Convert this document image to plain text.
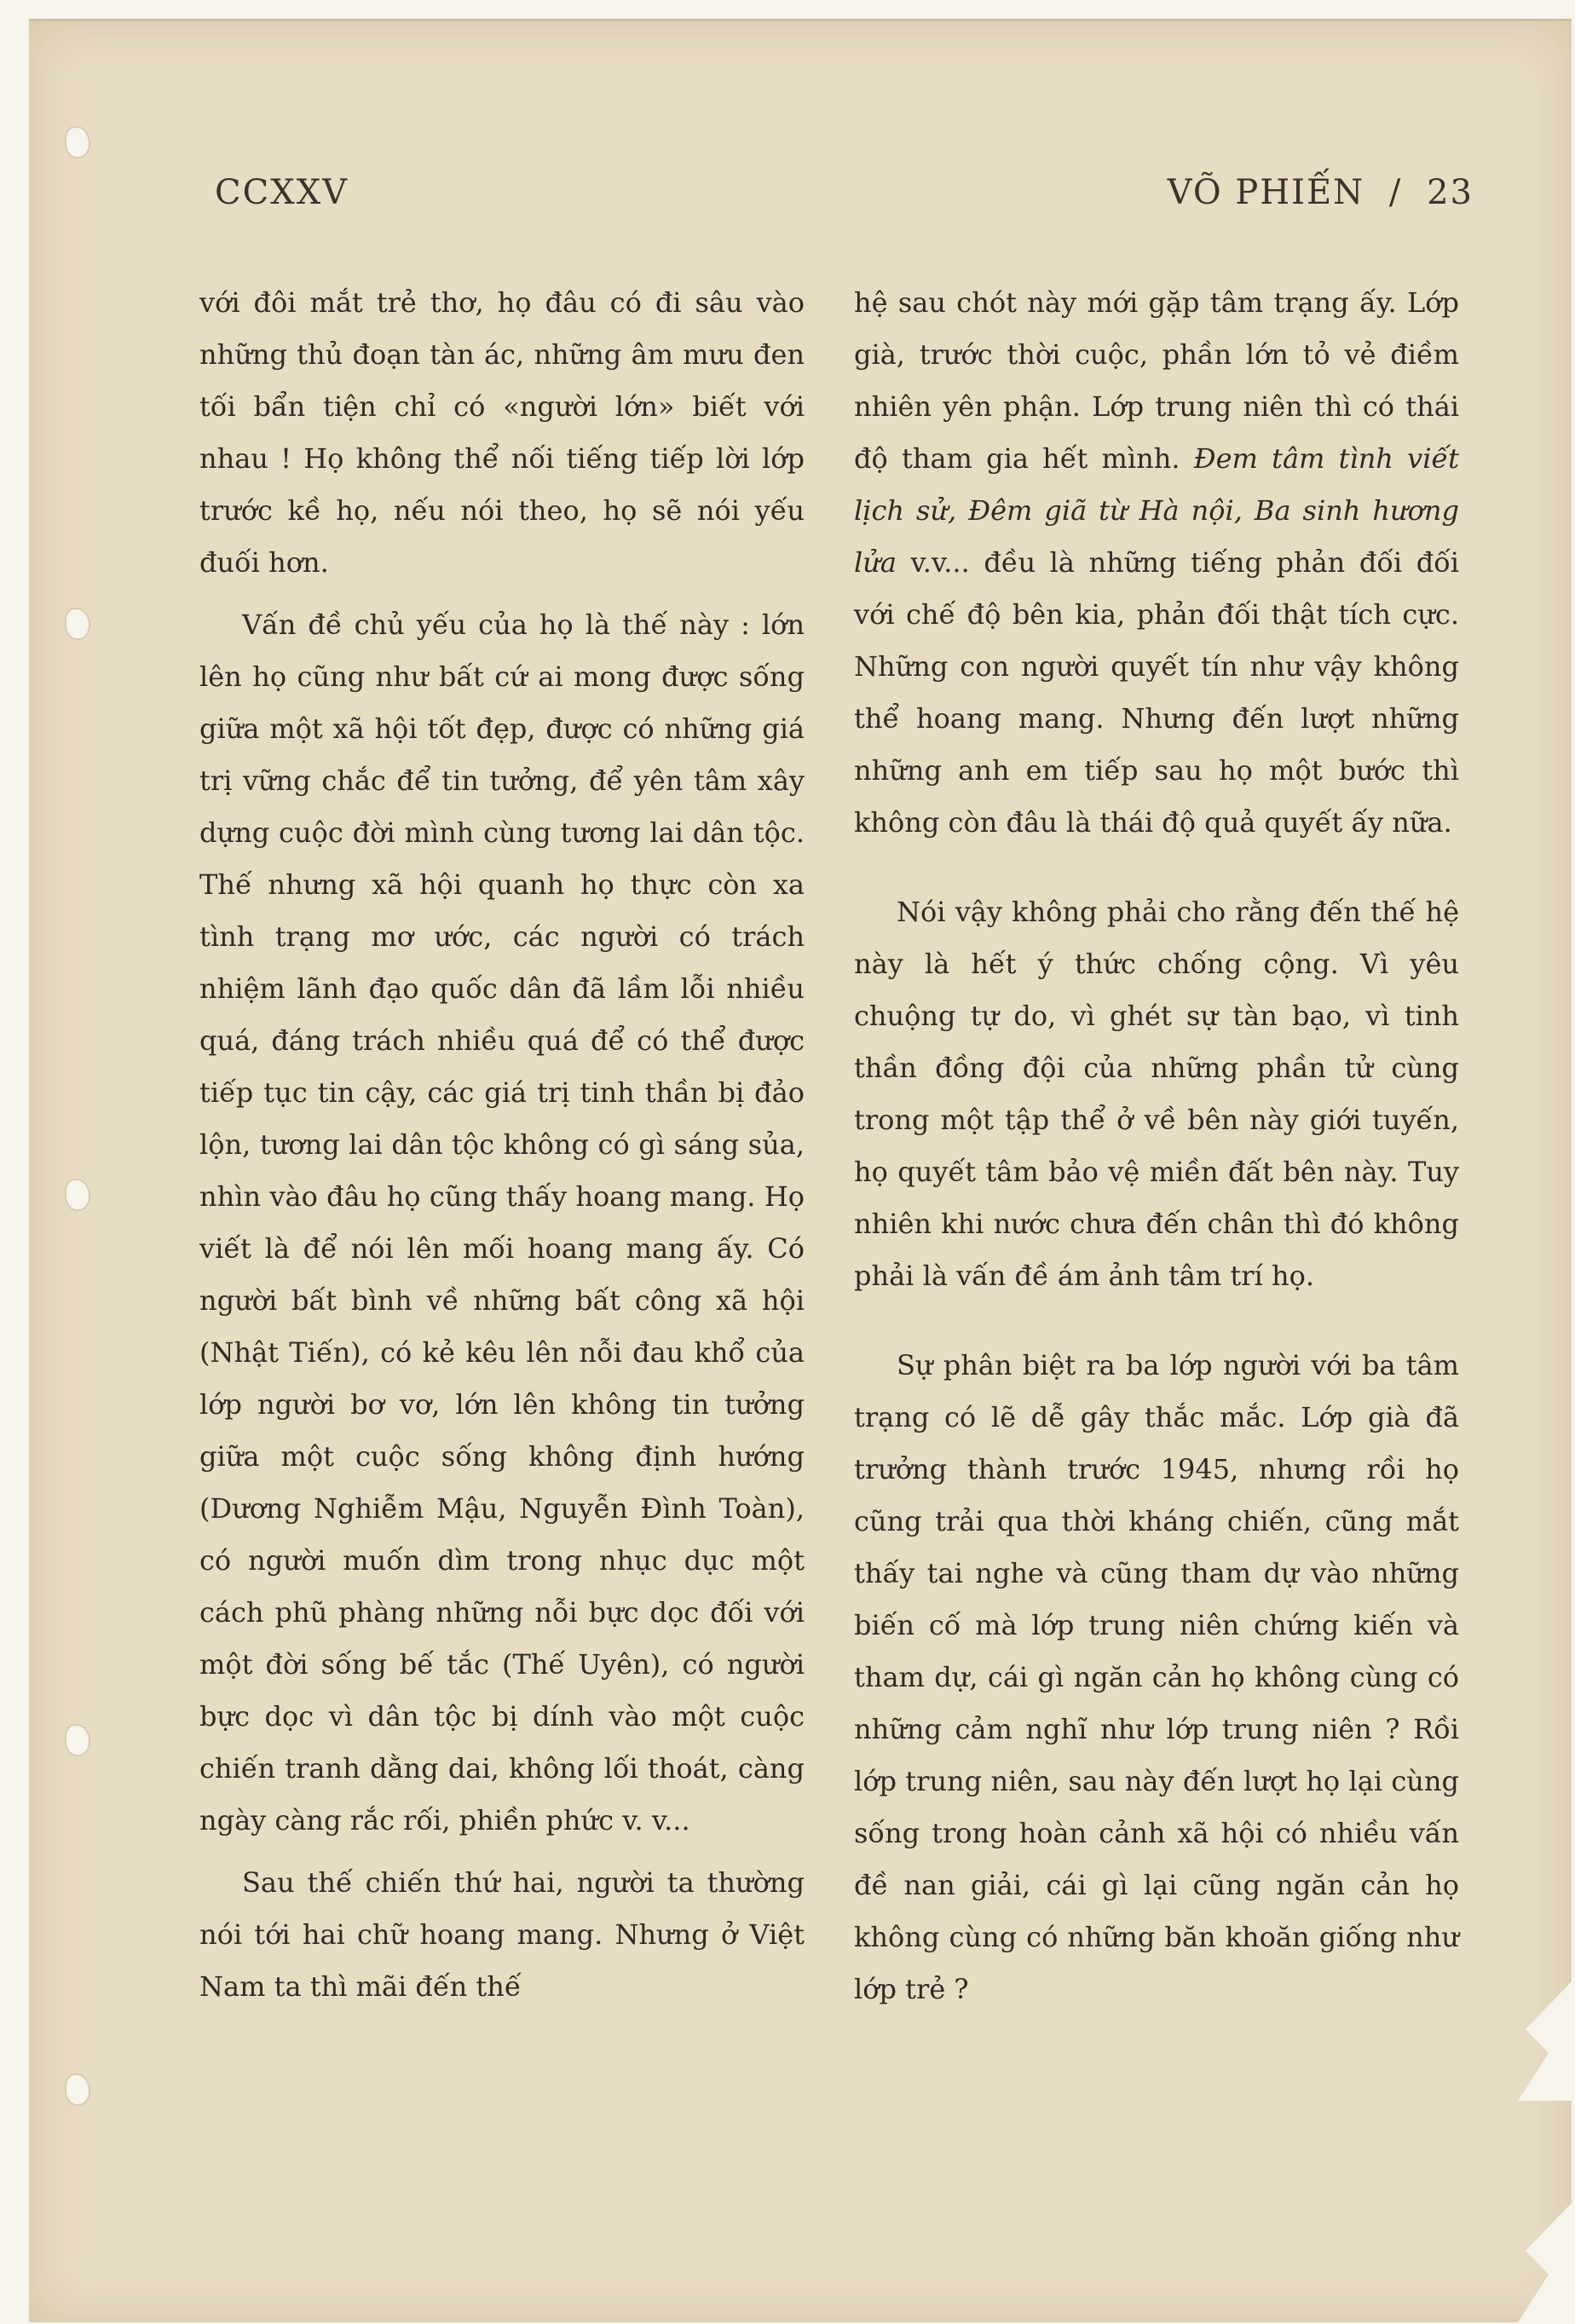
CCXXV	VÕ PHIẾN / 23

với đôi mắt trẻ thơ, họ đâu có đi sâu vào những thủ đoạn tàn ác, những âm mưu đen tối bẩn tiện chỉ có «người lớn» biết với nhau ! Họ không thể nối tiếng tiếp lời lớp trước kề họ, nếu nói theo, họ sẽ nói yếu đuối hơn.

Vấn đề chủ yếu của họ là thế này : lớn lên họ cũng như bất cứ ai mong được sống giữa một xã hội tốt đẹp, được có những giá trị vững chắc để tin tưởng, để yên tâm xây dựng cuộc đời mình cùng tương lai dân tộc. Thế nhưng xã hội quanh họ thực còn xa tình trạng mơ ước, các người có trách nhiệm lãnh đạo quốc dân đã lầm lỗi nhiều quá, đáng trách nhiều quá để có thể được tiếp tục tin cậy, các giá trị tinh thần bị đảo lộn, tương lai dân tộc không có gì sáng sủa, nhìn vào đâu họ cũng thấy hoang mang. Họ viết là để nói lên mối hoang mang ấy. Có người bất bình về những bất công xã hội (Nhật Tiến), có kẻ kêu lên nỗi đau khổ của lớp người bơ vơ, lớn lên không tin tưởng giữa một cuộc sống không định hướng (Dương Nghiễm Mậu, Nguyễn Đình Toàn), có người muốn dìm trong nhục dục một cách phũ phàng những nỗi bực dọc đối với một đời sống bế tắc (Thế Uyên), có người bực dọc vì dân tộc bị dính vào một cuộc chiến tranh dằng dai, không lối thoát, càng ngày càng rắc rối, phiền phức v. v...

Sau thế chiến thứ hai, người ta thường nói tới hai chữ hoang mang. Nhưng ở Việt Nam ta thì mãi đến thế

hệ sau chót này mới gặp tâm trạng ấy. Lớp già, trước thời cuộc, phần lớn tỏ vẻ điềm nhiên yên phận. Lớp trung niên thì có thái độ tham gia hết mình. Đem tâm tình viết lịch sử, Đêm giã từ Hà nội, Ba sinh hương lửa v.v... đều là những tiếng phản đối đối với chế độ bên kia, phản đối thật tích cực. Những con người quyết tín như vậy không thể hoang mang. Nhưng đến lượt những những anh em tiếp sau họ một bước thì không còn đâu là thái độ quả quyết ấy nữa.

Nói vậy không phải cho rằng đến thế hệ này là hết ý thức chống cộng. Vì yêu chuộng tự do, vì ghét sự tàn bạo, vì tinh thần đồng đội của những phần tử cùng trong một tập thể ở về bên này giới tuyến, họ quyết tâm bảo vệ miền đất bên này. Tuy nhiên khi nước chưa đến chân thì đó không phải là vấn đề ám ảnh tâm trí họ.

Sự phân biệt ra ba lớp người với ba tâm trạng có lẽ dễ gây thắc mắc. Lớp già đã trưởng thành trước 1945, nhưng rồi họ cũng trải qua thời kháng chiến, cũng mắt thấy tai nghe và cũng tham dự vào những biến cố mà lớp trung niên chứng kiến và tham dự, cái gì ngăn cản họ không cùng có những cảm nghĩ như lớp trung niên ? Rồi lớp trung niên, sau này đến lượt họ lại cùng sống trong hoàn cảnh xã hội có nhiều vấn đề nan giải, cái gì lại cũng ngăn cản họ không cùng có những băn khoăn giống như lớp trẻ ?
